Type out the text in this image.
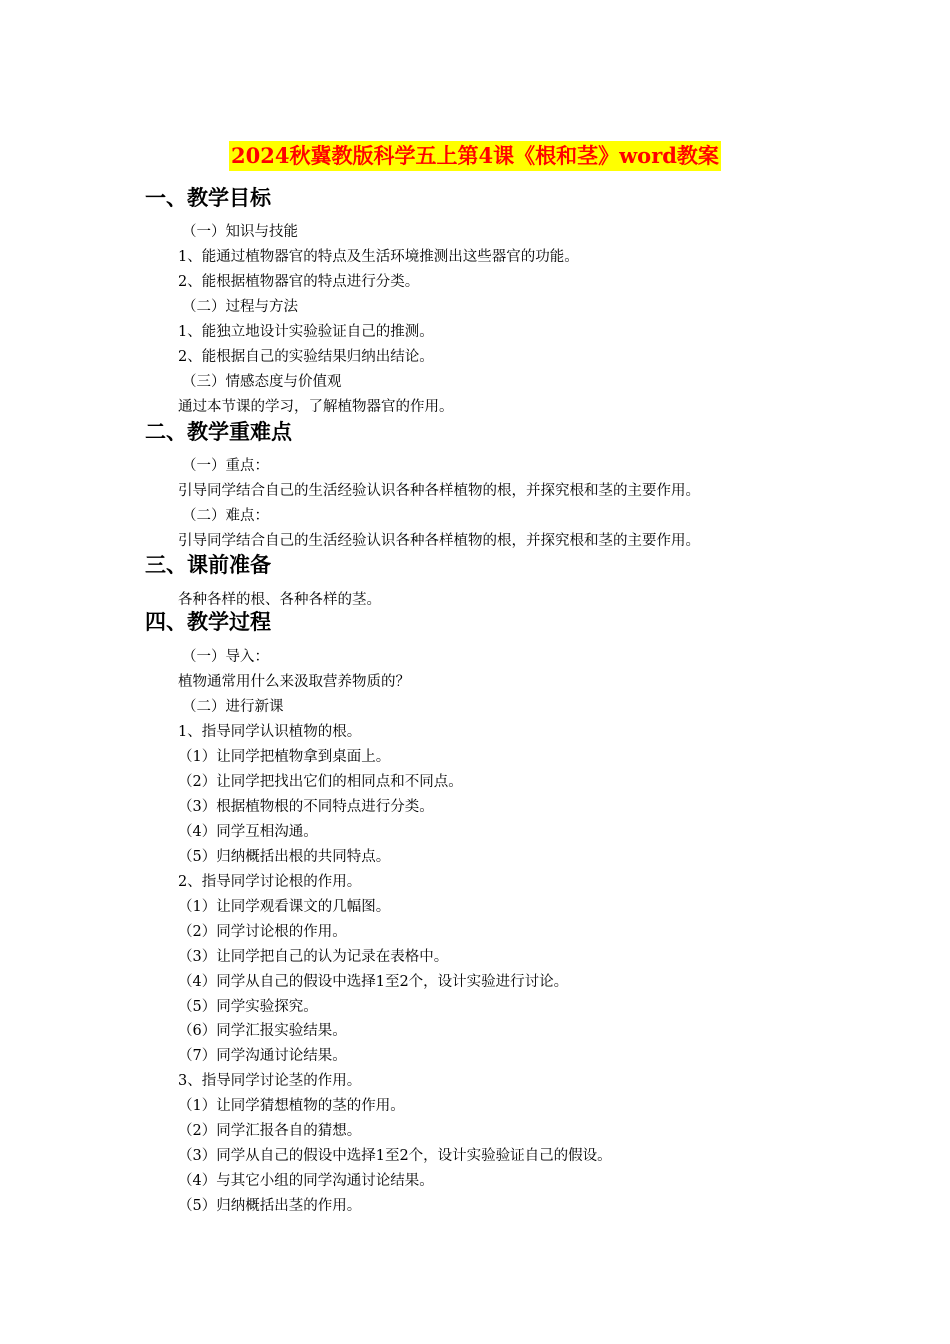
2024秋冀教版科学五上第4课《根和茎》word教案
一、教学目标
（一）知识与技能
1、能通过植物器官的特点及生活环境推测出这些器官的功能。
2、能根据植物器官的特点进行分类。
（二）过程与方法
1、能独立地设计实验验证自己的推测。
2、能根据自己的实验结果归纳出结论。
（三）情感态度与价值观
通过本节课的学习，了解植物器官的作用。
二、教学重难点
（一）重点：
引导同学结合自己的生活经验认识各种各样植物的根，并探究根和茎的主要作用。
（二）难点：
引导同学结合自己的生活经验认识各种各样植物的根，并探究根和茎的主要作用。
三、课前准备
各种各样的根、各种各样的茎。
四、教学过程
（一）导入：
植物通常用什么来汲取营养物质的？
（二）进行新课
1、指导同学认识植物的根。
（1）让同学把植物拿到桌面上。
（2）让同学把找出它们的相同点和不同点。
（3）根据植物根的不同特点进行分类。
（4）同学互相沟通。
（5）归纳概括出根的共同特点。
2、指导同学讨论根的作用。
（1）让同学观看课文的几幅图。
（2）同学讨论根的作用。
（3）让同学把自己的认为记录在表格中。
（4）同学从自己的假设中选择1至2个，设计实验进行讨论。
（5）同学实验探究。
（6）同学汇报实验结果。
（7）同学沟通讨论结果。
3、指导同学讨论茎的作用。
（1）让同学猜想植物的茎的作用。
（2）同学汇报各自的猜想。
（3）同学从自己的假设中选择1至2个，设计实验验证自己的假设。
（4）与其它小组的同学沟通讨论结果。
（5）归纳概括出茎的作用。
